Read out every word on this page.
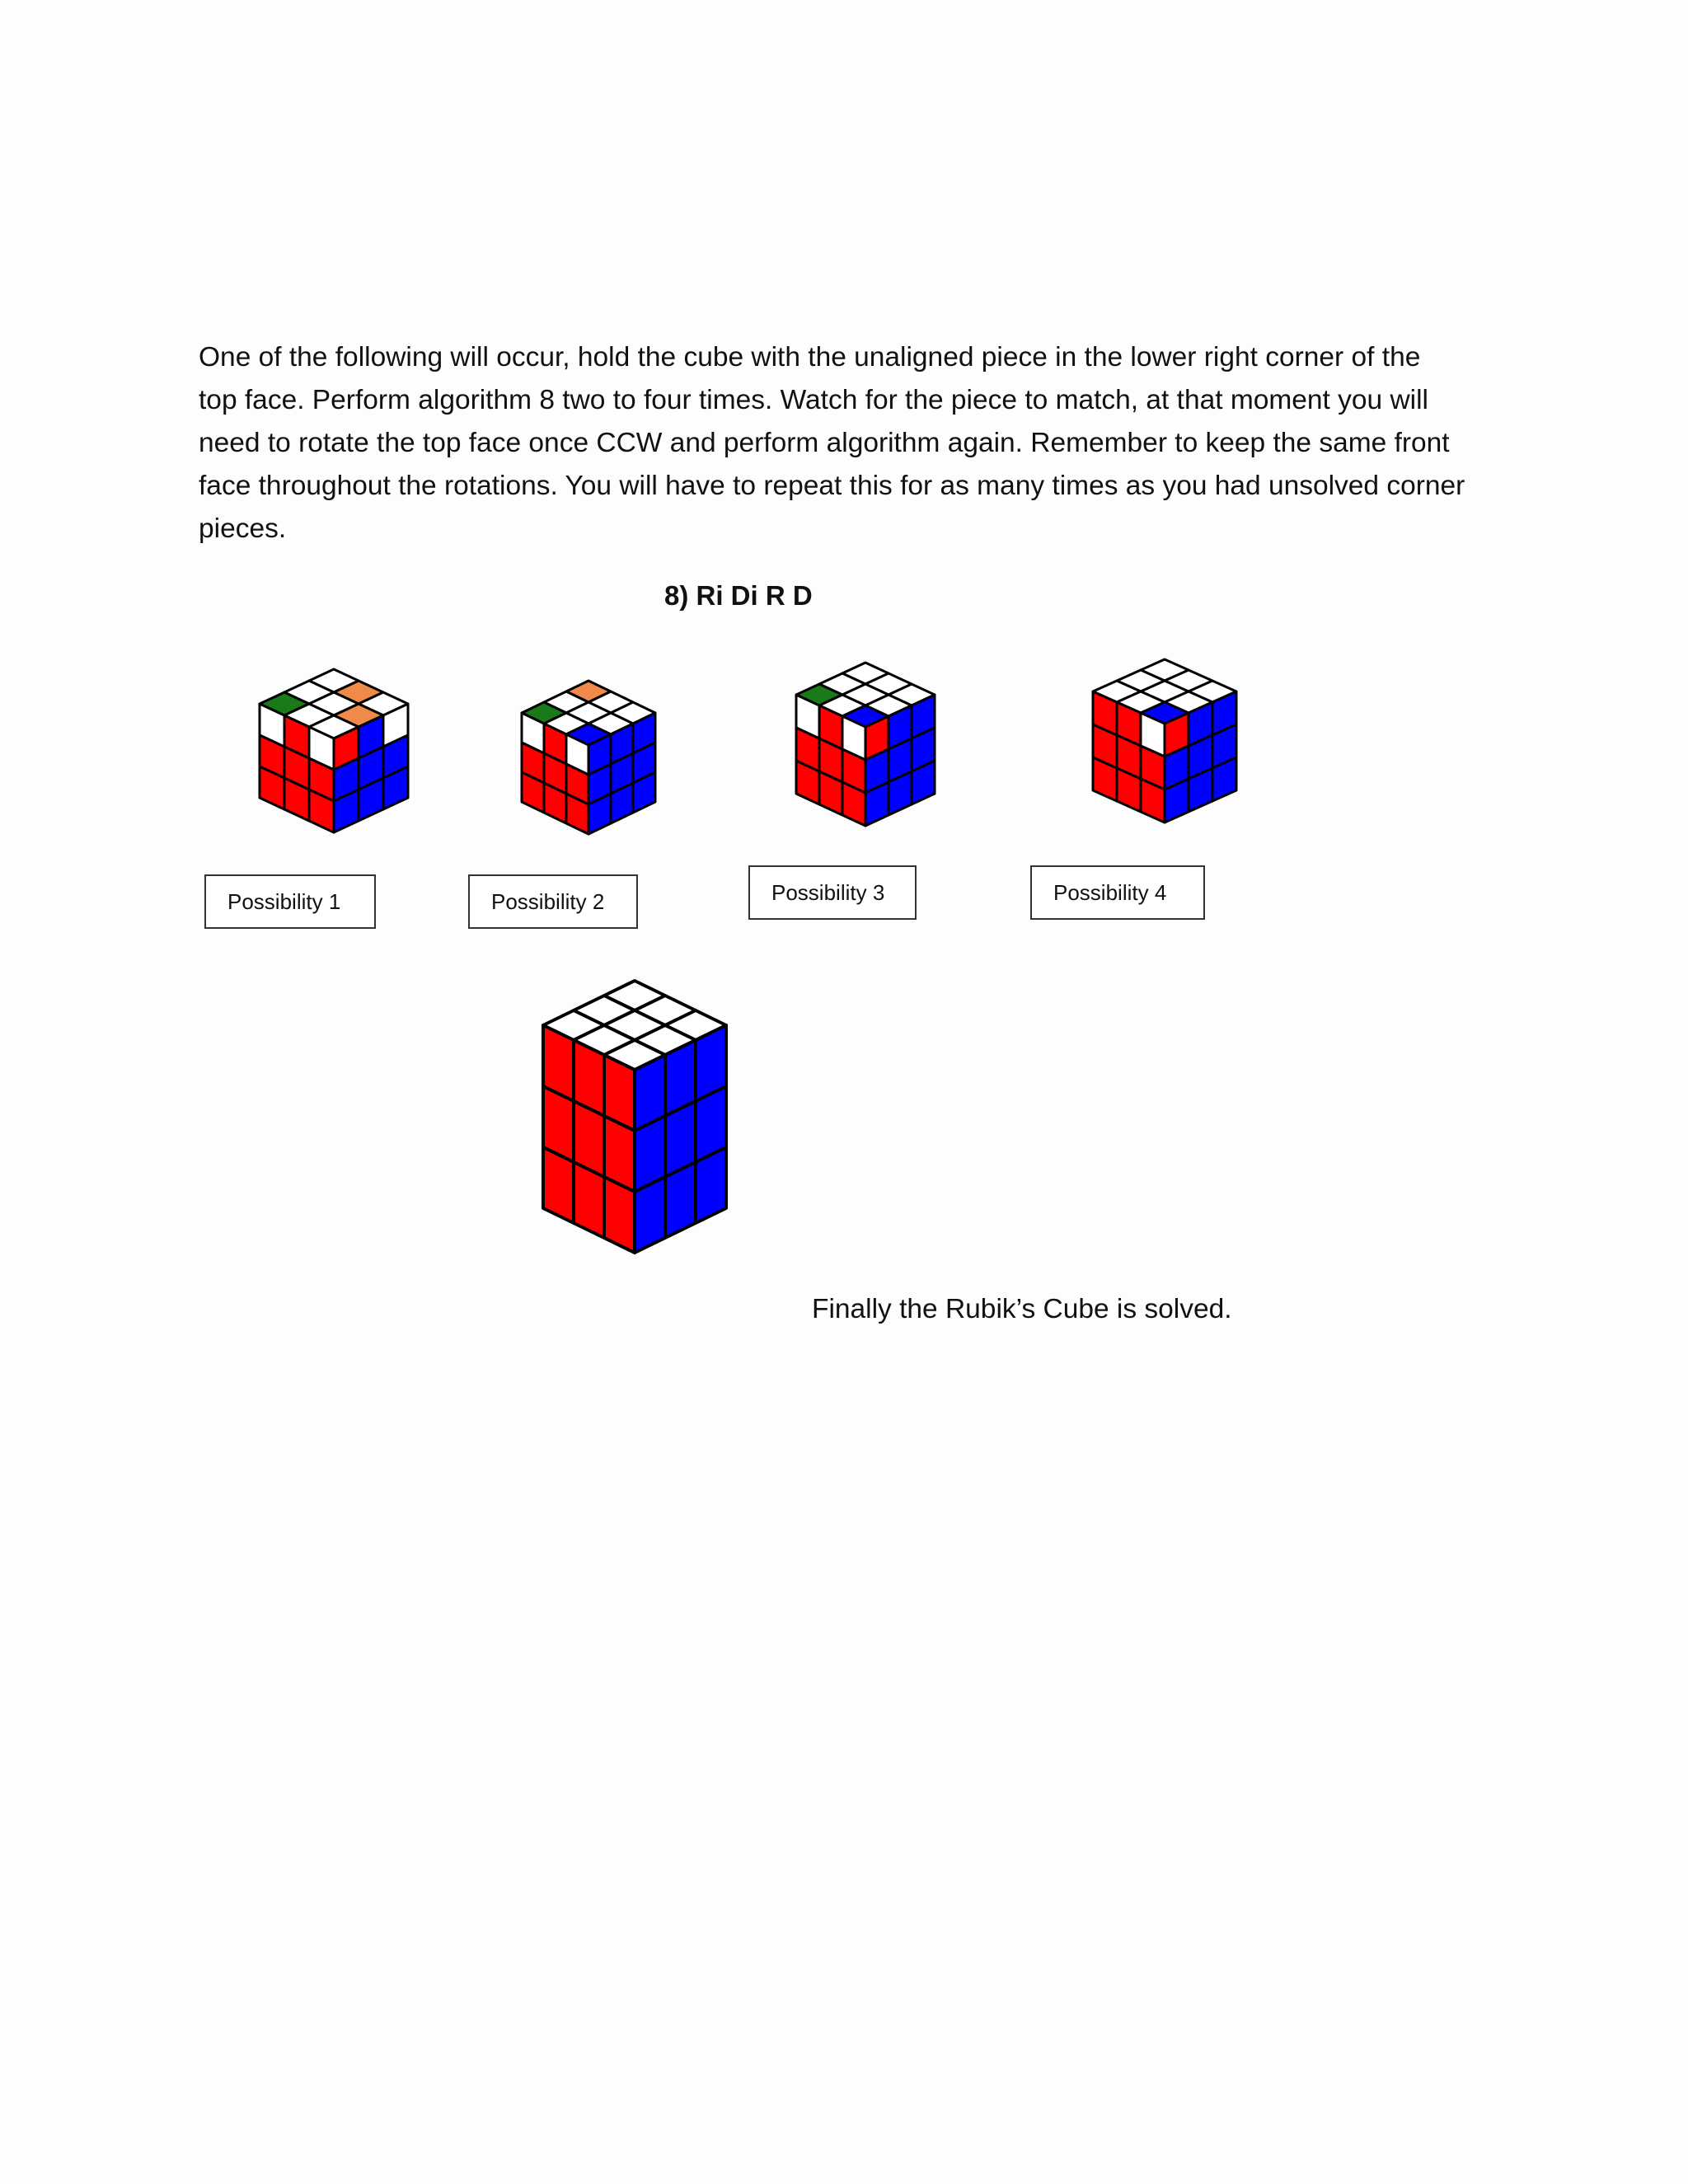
One of the following will occur, hold the cube with the unaligned piece in the lower right corner of the
top face. Perform algorithm 8 two to four times. Watch for the piece to match, at that moment you will
need to rotate the top face once CCW and perform algorithm again. Remember to keep the same front
face throughout the rotations. You will have to repeat this for as many times as you had unsolved corner
pieces.

8) Ri Di R D
Possibility 1	Possibility 2	Possibility 3	Possibility 4
Finally the Rubik’s Cube is solved.
